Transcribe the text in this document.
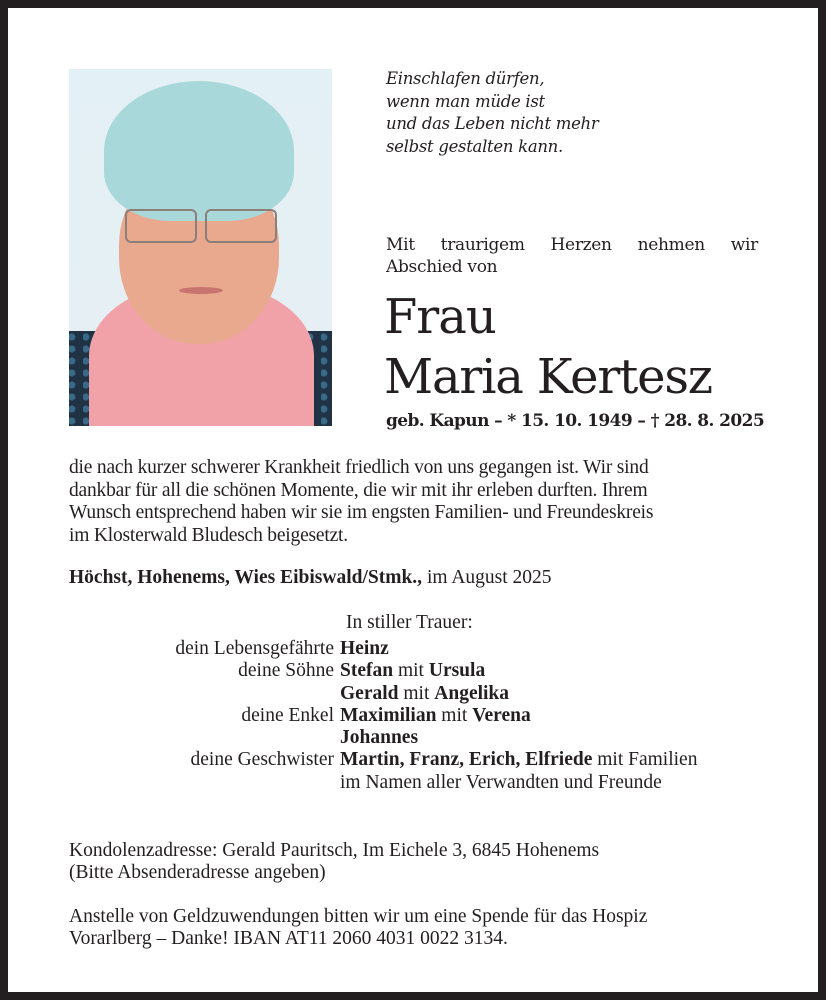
Einschlafen dürfen,
wenn man müde ist
und das Leben nicht mehr
selbst gestalten kann.
Mit traurigem Herzen nehmen wir
Abschied von
Frau
Maria Kertesz
geb. Kapun – * 15. 10. 1949 – † 28. 8. 2025
die nach kurzer schwerer Krankheit friedlich von uns gegangen ist. Wir sind
dankbar für all die schönen Momente, die wir mit ihr erleben durften. Ihrem
Wunsch entsprechend haben wir sie im engsten Familien- und Freundeskreis
im Klosterwald Bludesch beigesetzt.
Höchst, Hohenems, Wies Eibiswald/Stmk., im August 2025
In stiller Trauer:
dein Lebensgefährte Heinz
deine Söhne Stefan mit Ursula
Gerald mit Angelika
deine Enkel Maximilian mit Verena
Johannes
deine Geschwister Martin, Franz, Erich, Elfriede mit Familien
im Namen aller Verwandten und Freunde
Kondolenzadresse: Gerald Pauritsch, Im Eichele 3, 6845 Hohenems
(Bitte Absenderadresse angeben)
Anstelle von Geldzuwendungen bitten wir um eine Spende für das Hospiz
Vorarlberg – Danke! IBAN AT11 2060 4031 0022 3134.
